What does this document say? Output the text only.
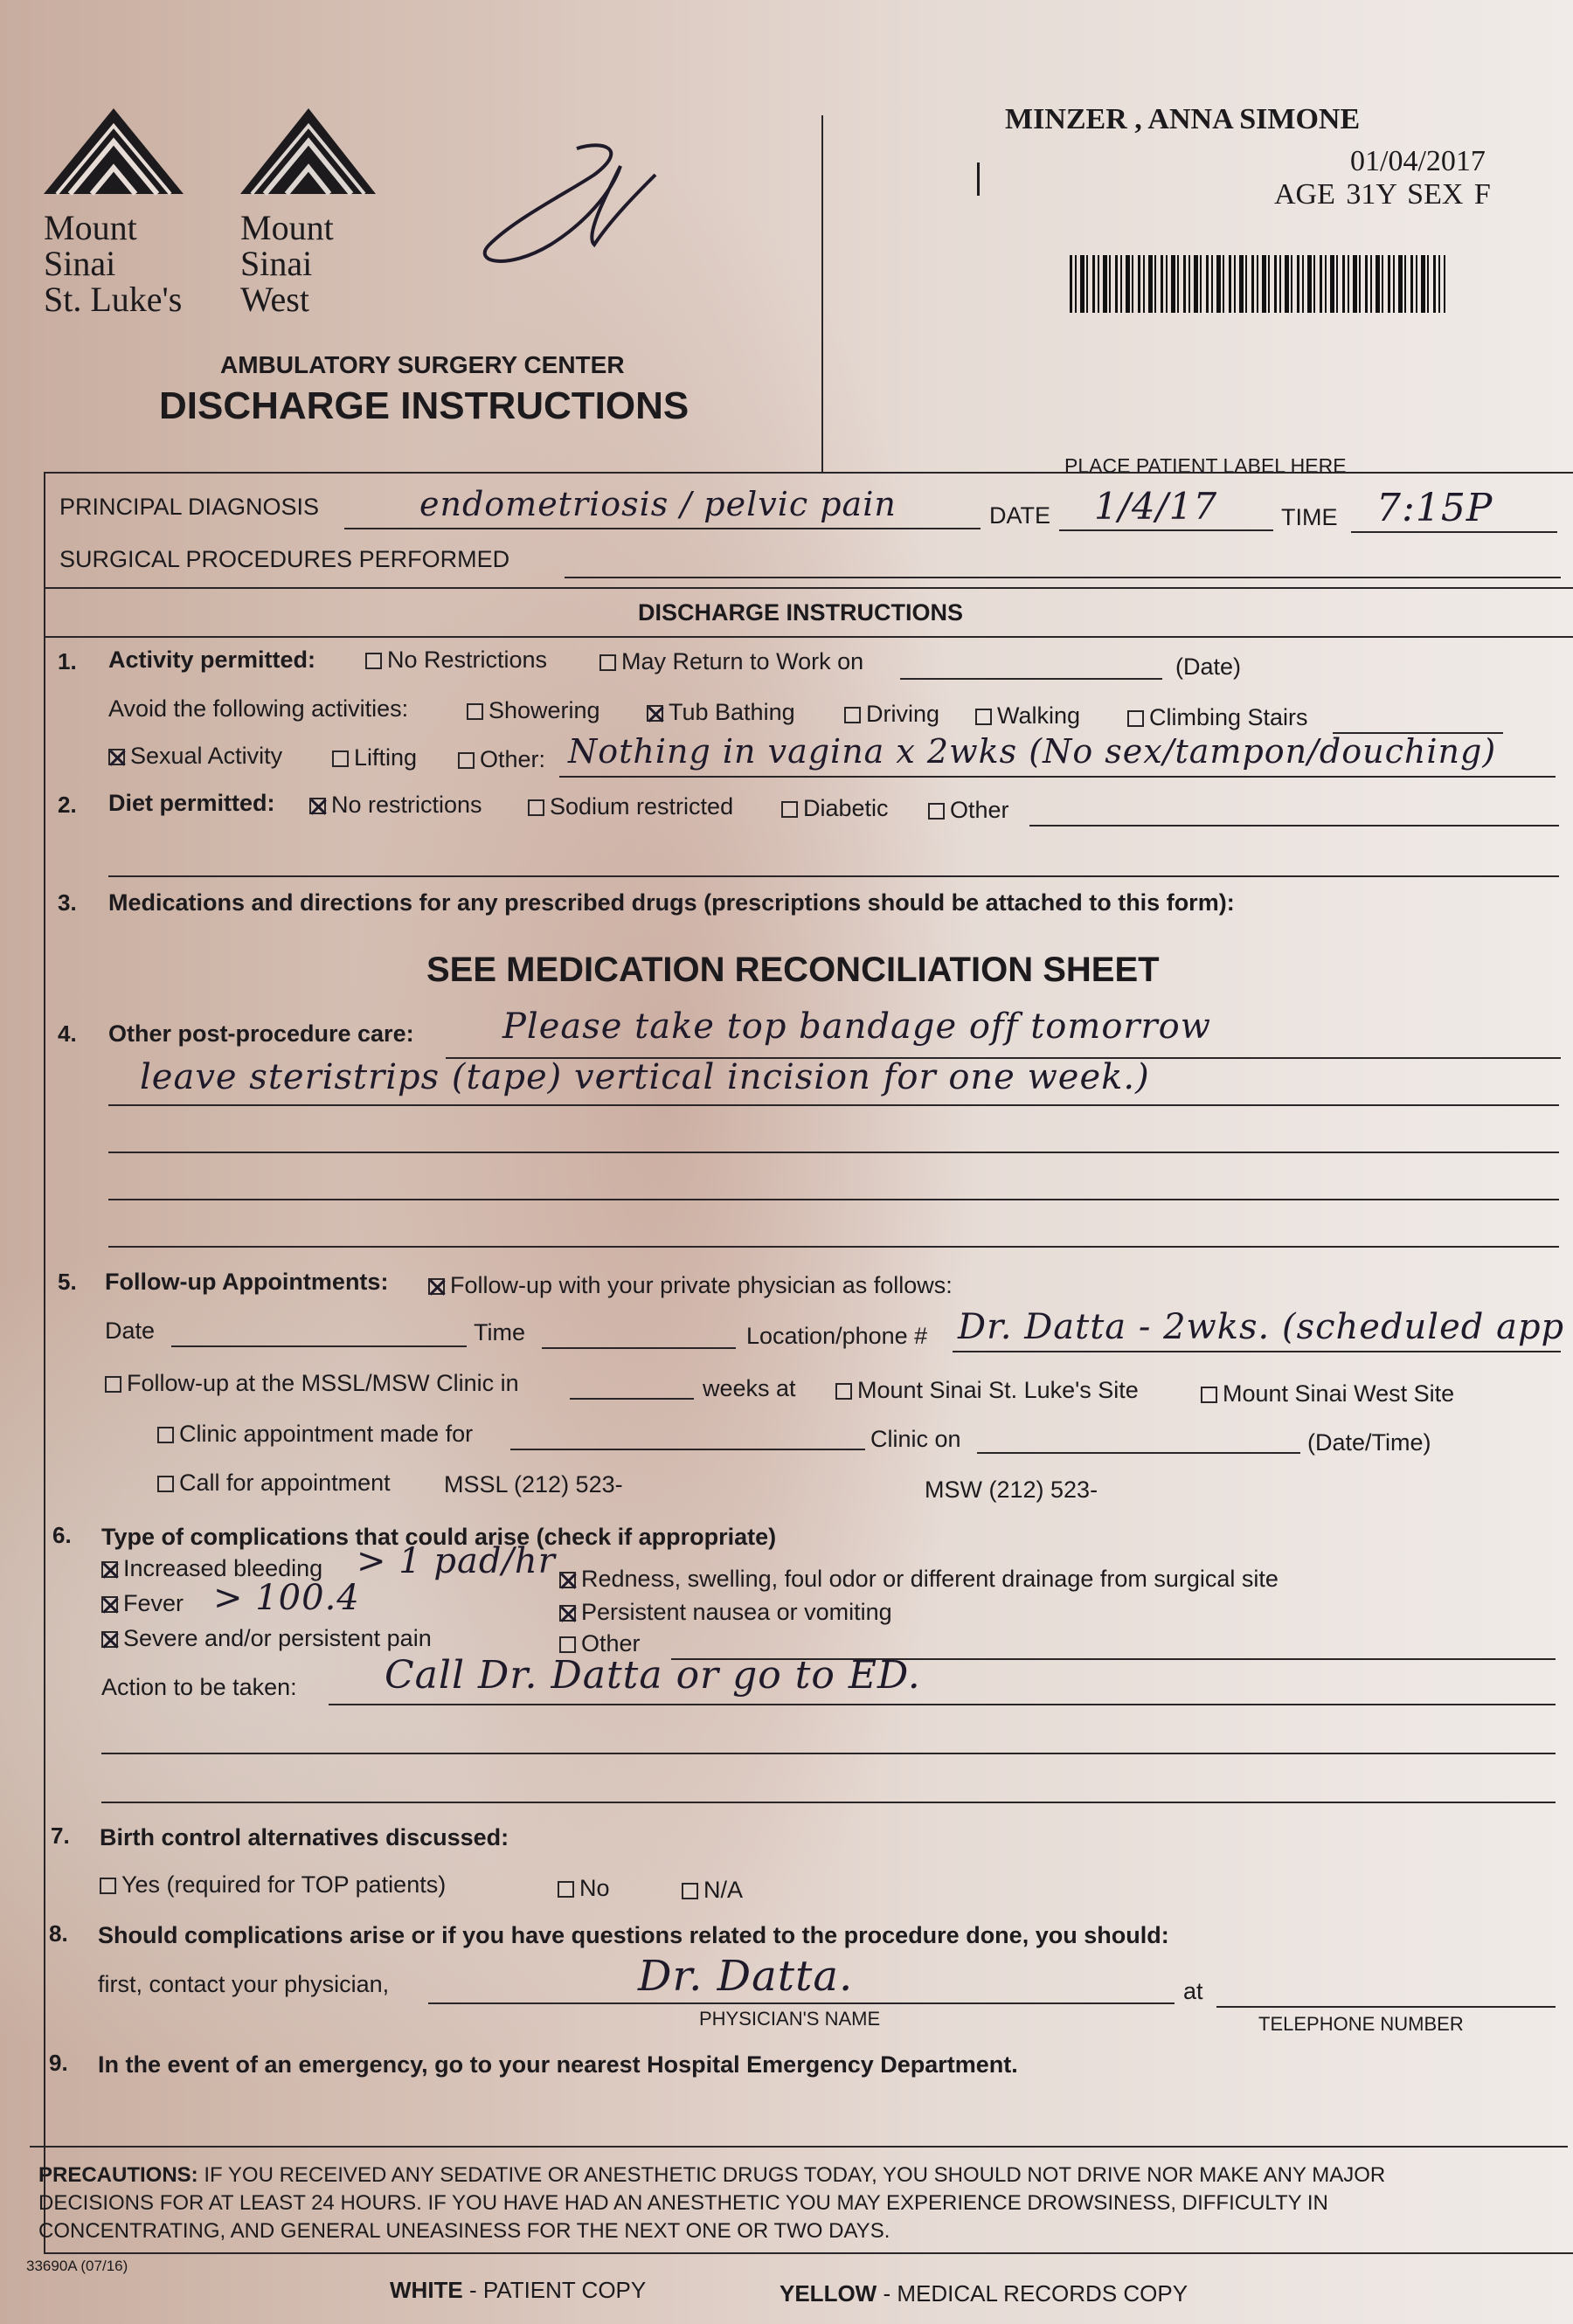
Mount
Sinai
St. Luke's
Mount
Sinai
West
MINZER , ANNA SIMONE
01/04/2017
AGE 31Y SEX F
PLACE PATIENT LABEL HERE
AMBULATORY SURGERY CENTER
DISCHARGE INSTRUCTIONS
PRINCIPAL DIAGNOSIS	endometriosis / pelvic pain	DATE 1/4/17	TIME 7:15P
SURGICAL PROCEDURES PERFORMED
DISCHARGE INSTRUCTIONS
1. Activity permitted:	No Restrictions	May Return to Work on	(Date)
Avoid the following activities:	Showering	Tub Bathing	Driving	Walking	Climbing Stairs
Sexual Activity	Lifting	Other: Nothing in vagina x 2wks (No sex/tampon/douching)
2. Diet permitted:	No restrictions	Sodium restricted	Diabetic	Other
3. Medications and directions for any prescribed drugs (prescriptions should be attached to this form):
SEE MEDICATION RECONCILIATION SHEET
4. Other post-procedure care:	Please take top bandage off tomorrow
leave steristrips (tape) vertical incision for one week.)
5. Follow-up Appointments:	Follow-up with your private physician as follows:
Date	Time	Location/phone # Dr. Datta - 2wks. (scheduled app
Follow-up at the MSSL/MSW Clinic in	weeks at	Mount Sinai St. Luke's Site	Mount Sinai West Site
Clinic appointment made for	Clinic on	(Date/Time)
Call for appointment MSSL (212) 523-	MSW (212) 523-
6. Type of complications that could arise (check if appropriate)
Increased bleeding > 1 pad/hr
Fever > 100.4
Severe and/or persistent pain
Redness, swelling, foul odor or different drainage from surgical site
Persistent nausea or vomiting
Other
Action to be taken: Call Dr. Datta or go to ED.
7. Birth control alternatives discussed:
Yes (required for TOP patients)	No	N/A
8. Should complications arise or if you have questions related to the procedure done, you should:
first, contact your physician,	Dr. Datta.	at
PHYSICIAN'S NAME	TELEPHONE NUMBER
9. In the event of an emergency, go to your nearest Hospital Emergency Department.
PRECAUTIONS: IF YOU RECEIVED ANY SEDATIVE OR ANESTHETIC DRUGS TODAY, YOU SHOULD NOT DRIVE NOR MAKE ANY MAJOR
DECISIONS FOR AT LEAST 24 HOURS. IF YOU HAVE HAD AN ANESTHETIC YOU MAY EXPERIENCE DROWSINESS, DIFFICULTY IN
CONCENTRATING, AND GENERAL UNEASINESS FOR THE NEXT ONE OR TWO DAYS.
33690A (07/16)
WHITE - PATIENT COPY	YELLOW - MEDICAL RECORDS COPY
